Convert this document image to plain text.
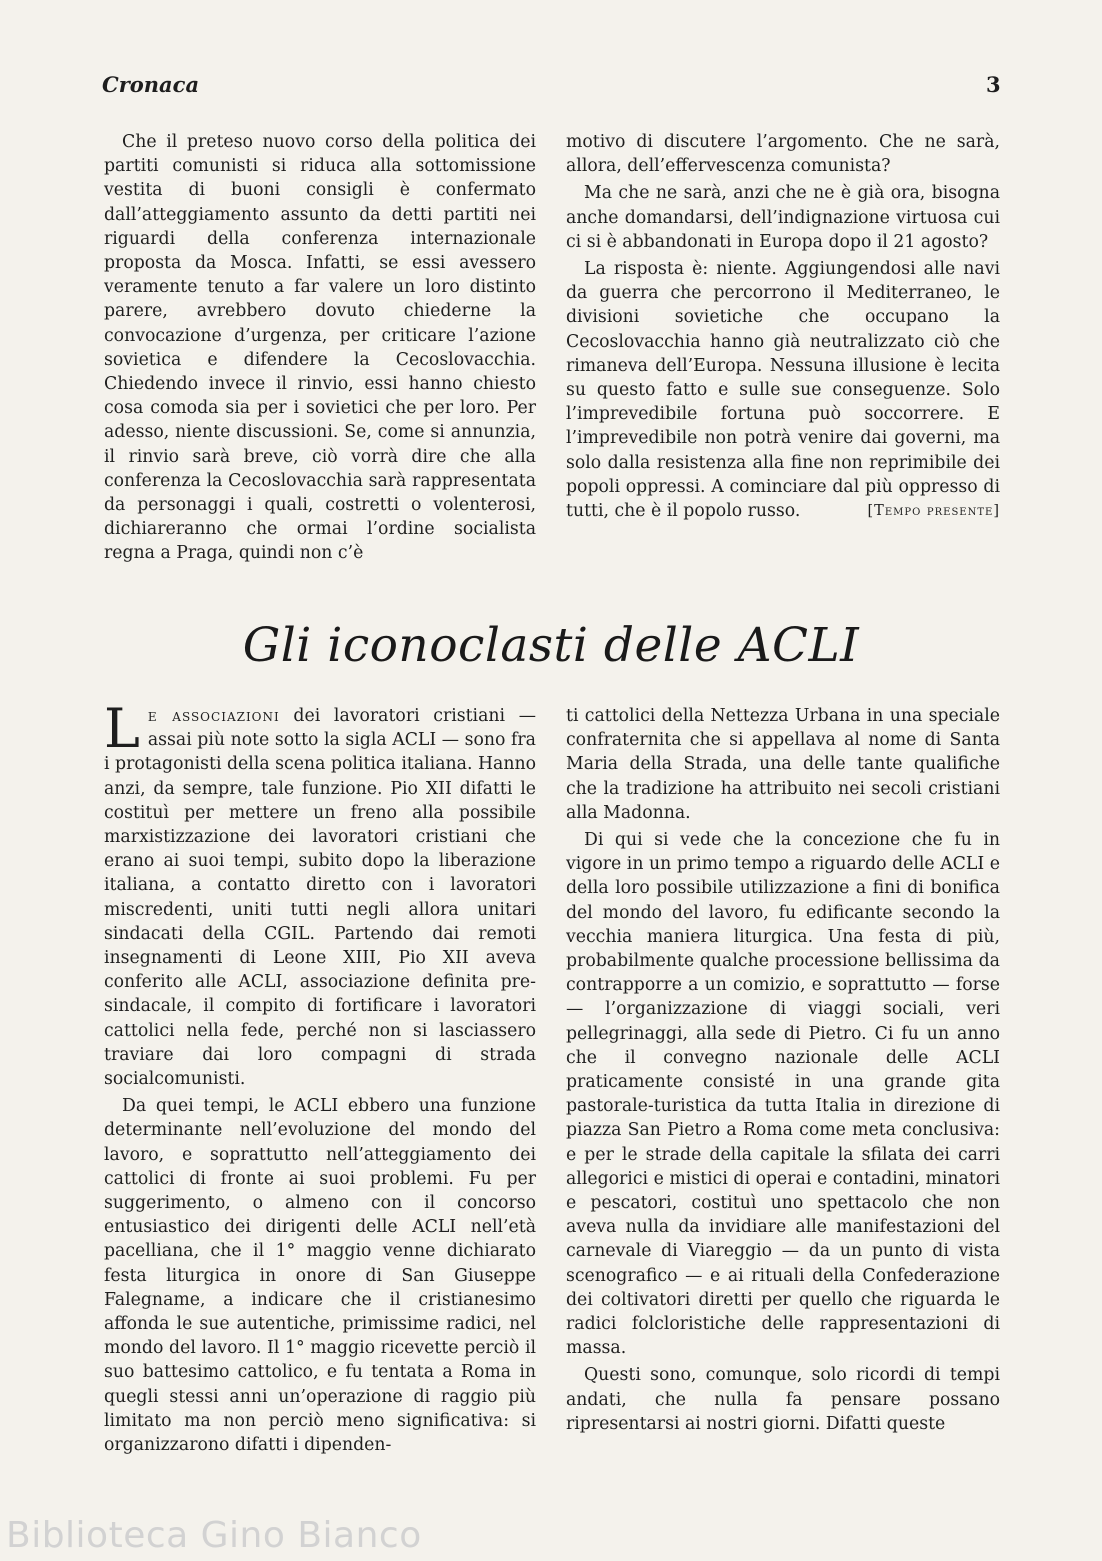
Cronaca	3

Che il preteso nuovo corso della politica dei partiti comunisti si riduca alla sottomissione vestita di buoni consigli è confermato dall’atteggiamento assunto da detti partiti nei riguardi della conferenza internazionale proposta da Mosca. Infatti, se essi avessero veramente tenuto a far valere un loro distinto parere, avrebbero dovuto chiederne la convocazione d’urgenza, per criticare l’azione sovietica e difendere la Cecoslovacchia. Chiedendo invece il rinvio, essi hanno chiesto cosa comoda sia per i sovietici che per loro. Per adesso, niente discussioni. Se, come si annunzia, il rinvio sarà breve, ciò vorrà dire che alla conferenza la Cecoslovacchia sarà rappresentata da personaggi i quali, costretti o volenterosi, dichiareranno che ormai l’ordine socialista regna a Praga, quindi non c’è

motivo di discutere l’argomento. Che ne sarà, allora, dell’effervescenza comunista?

Ma che ne sarà, anzi che ne è già ora, bisogna anche domandarsi, dell’indignazione virtuosa cui ci si è abbandonati in Europa dopo il 21 agosto?

La risposta è: niente. Aggiungendosi alle navi da guerra che percorrono il Mediterraneo, le divisioni sovietiche che occupano la Cecoslovacchia hanno già neutralizzato ciò che rimaneva dell’Europa. Nessuna illusione è lecita su questo fatto e sulle sue conseguenze. Solo l’imprevedibile fortuna può soccorrere. E l’imprevedibile non potrà venire dai governi, ma solo dalla resistenza alla fine non reprimibile dei popoli oppressi. A cominciare dal più oppresso di tutti, che è il popolo russo.	[Tempo presente]

Gli iconoclasti delle ACLI

Le associazioni dei lavoratori cristiani — assai più note sotto la sigla ACLI — sono fra i protagonisti della scena politica italiana. Hanno anzi, da sempre, tale funzione. Pio XII difatti le costituì per mettere un freno alla possibile marxistizzazione dei lavoratori cristiani che erano ai suoi tempi, subito dopo la liberazione italiana, a contatto diretto con i lavoratori miscredenti, uniti tutti negli allora unitari sindacati della CGIL. Partendo dai remoti insegnamenti di Leone XIII, Pio XII aveva conferito alle ACLI, associazione definita pre-sindacale, il compito di fortificare i lavoratori cattolici nella fede, perché non si lasciassero traviare dai loro compagni di strada socialcomunisti.

Da quei tempi, le ACLI ebbero una funzione determinante nell’evoluzione del mondo del lavoro, e soprattutto nell’atteggiamento dei cattolici di fronte ai suoi problemi. Fu per suggerimento, o almeno con il concorso entusiastico dei dirigenti delle ACLI nell’età pacelliana, che il 1° maggio venne dichiarato festa liturgica in onore di San Giuseppe Falegname, a indicare che il cristianesimo affonda le sue autentiche, primissime radici, nel mondo del lavoro. Il 1° maggio ricevette perciò il suo battesimo cattolico, e fu tentata a Roma in quegli stessi anni un’operazione di raggio più limitato ma non perciò meno significativa: si organizzarono difatti i dipenden-

ti cattolici della Nettezza Urbana in una speciale confraternita che si appellava al nome di Santa Maria della Strada, una delle tante qualifiche che la tradizione ha attribuito nei secoli cristiani alla Madonna.

Di qui si vede che la concezione che fu in vigore in un primo tempo a riguardo delle ACLI e della loro possibile utilizzazione a fini di bonifica del mondo del lavoro, fu edificante secondo la vecchia maniera liturgica. Una festa di più, probabilmente qualche processione bellissima da contrapporre a un comizio, e soprattutto — forse — l’organizzazione di viaggi sociali, veri pellegrinaggi, alla sede di Pietro. Ci fu un anno che il convegno nazionale delle ACLI praticamente consisté in una grande gita pastorale-turistica da tutta Italia in direzione di piazza San Pietro a Roma come meta conclusiva: e per le strade della capitale la sfilata dei carri allegorici e mistici di operai e contadini, minatori e pescatori, costituì uno spettacolo che non aveva nulla da invidiare alle manifestazioni del carnevale di Viareggio — da un punto di vista scenografico — e ai rituali della Confederazione dei coltivatori diretti per quello che riguarda le radici folcloristiche delle rappresentazioni di massa.

Questi sono, comunque, solo ricordi di tempi andati, che nulla fa pensare possano ripresentarsi ai nostri giorni. Difatti queste

Biblioteca Gino Bianco
